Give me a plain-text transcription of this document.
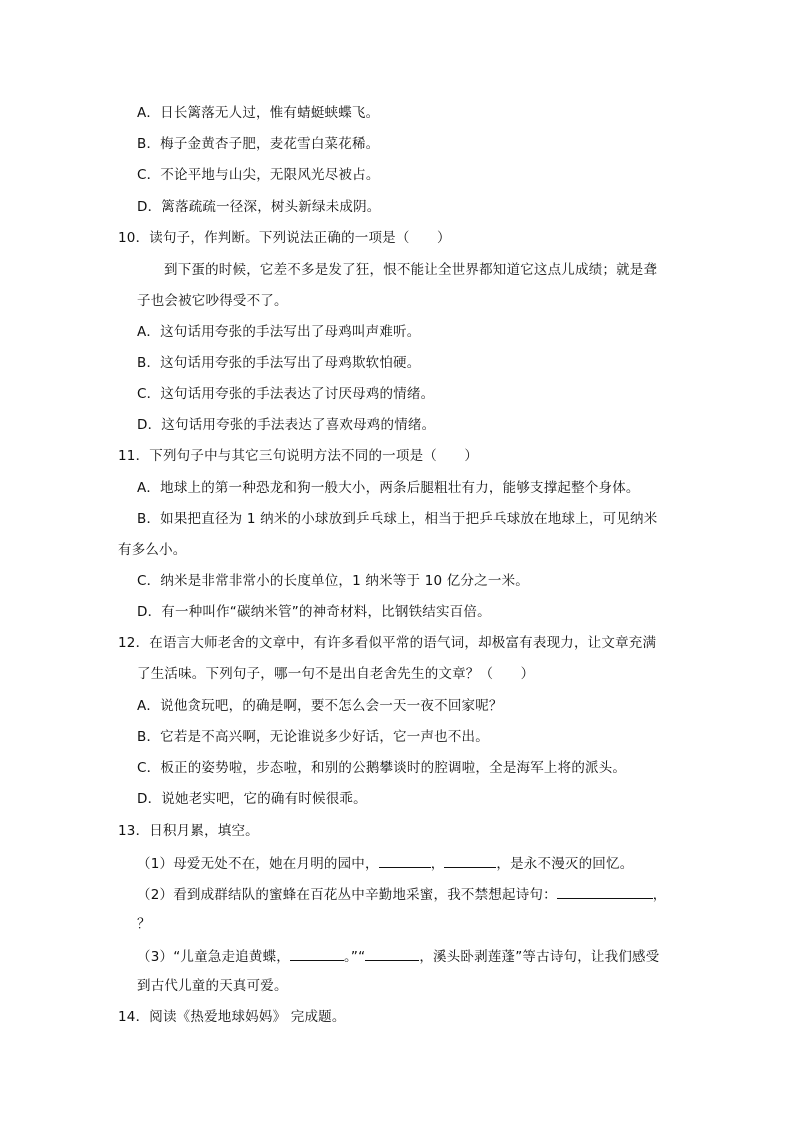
A．日长篱落无人过，惟有蜻蜓蛱蝶飞。
B．梅子金黄杏子肥，麦花雪白菜花稀。
C．不论平地与山尖，无限风光尽被占。
D．篱落疏疏一径深，树头新绿未成阴。
10．读句子，作判断。下列说法正确的一项是（　　）
到下蛋的时候，它差不多是发了狂，恨不能让全世界都知道它这点儿成绩；就是聋
子也会被它吵得受不了。
A．这句话用夸张的手法写出了母鸡叫声难听。
B．这句话用夸张的手法写出了母鸡欺软怕硬。
C．这句话用夸张的手法表达了讨厌母鸡的情绪。
D．这句话用夸张的手法表达了喜欢母鸡的情绪。
11．下列句子中与其它三句说明方法不同的一项是（　　）
A．地球上的第一种恐龙和狗一般大小，两条后腿粗壮有力，能够支撑起整个身体。
B．如果把直径为 1 纳米的小球放到乒乓球上，相当于把乒乓球放在地球上，可见纳米
有多么小。
C．纳米是非常非常小的长度单位，1 纳米等于 10 亿分之一米。
D．有一种叫作“碳纳米管”的神奇材料，比钢铁结实百倍。
12．在语言大师老舍的文章中，有许多看似平常的语气词，却极富有表现力，让文章充满
了生活味。下列句子，哪一句不是出自老舍先生的文章？（　　）
A．说他贪玩吧，的确是啊，要不怎么会一天一夜不回家呢？
B．它若是不高兴啊，无论谁说多少好话，它一声也不出。
C．板正的姿势啦，步态啦，和别的公鹅攀谈时的腔调啦，全是海军上将的派头。
D．说她老实吧，它的确有时候很乖。
13．日积月累，填空。
（1）母爱无处不在，她在月明的园中，	，	，是永不漫灭的回忆。
（2）看到成群结队的蜜蜂在百花丛中辛勤地采蜜，我不禁想起诗句：	，
？
（3）“儿童急走追黄蝶，	。”“	，溪头卧剥莲蓬”等古诗句，让我们感受
到古代儿童的天真可爱。
14．阅读《热爱地球妈妈》 完成题。
